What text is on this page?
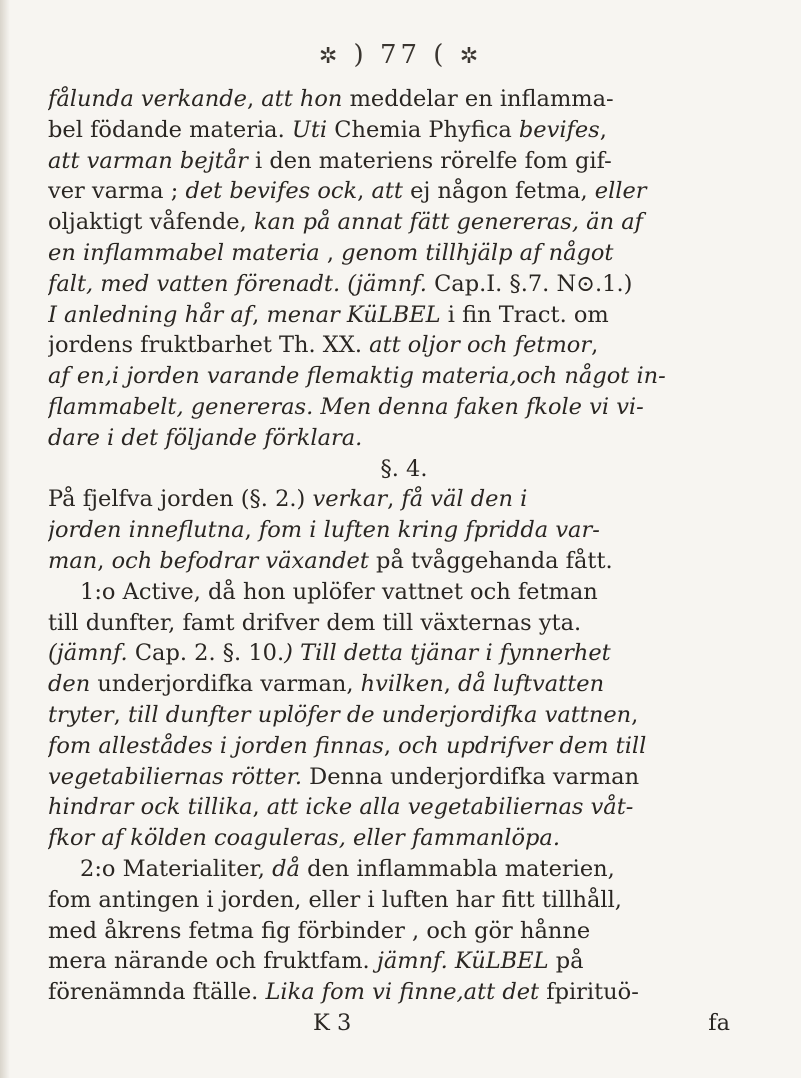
✲ ) 77 ( ✲
fålunda verkande, att hon meddelar en inflamma-
bel födande materia. Uti Chemia Phyfica bevifes,
att varman bejtår i den materiens rörelfe fom gif-
ver varma ; det bevifes ock, att ej någon fetma, eller
oljaktigt våfende, kan på annat fätt genereras, än af
en inflammabel materia , genom tillhjälp af något
falt, med vatten förenadt. (jämnf. Cap.I. §.7. N⊙.1.)
I anledning hår af, menar KüLBEL i fin Tract. om
jordens fruktbarhet Th. XX. att oljor och fetmor,
af en,i jorden varande flemaktig materia,och något in-
flammabelt, genereras. Men denna faken fkole vi vi-
dare i det följande förklara.
§. 4.
På fjelfva jorden (§. 2.) verkar, få väl den i
jorden inneflutna, fom i luften kring fpridda var-
man, och befodrar växandet på tvåggehanda fått.
1:o Active, då hon uplöfer vattnet och fetman
till dunfter, famt drifver dem till växternas yta.
(jämnf. Cap. 2. §. 10.) Till detta tjänar i fynnerhet
den underjordifka varman, hvilken, då luftvatten
tryter, till dunfter uplöfer de underjordifka vattnen,
fom allestådes i jorden finnas, och updrifver dem till
vegetabiliernas rötter. Denna underjordifka varman
hindrar ock tillika, att icke alla vegetabiliernas våt-
fkor af kölden coaguleras, eller fammanlöpa.
2:o Materialiter, då den inflammabla materien,
fom antingen i jorden, eller i luften har fitt tillhåll,
med åkrens fetma fig förbinder , och gör hånne
mera närande och fruktfam. jämnf. KüLBEL på
förenämnda ftälle. Lika fom vi finne,att det fpirituö-
K 3	fa
